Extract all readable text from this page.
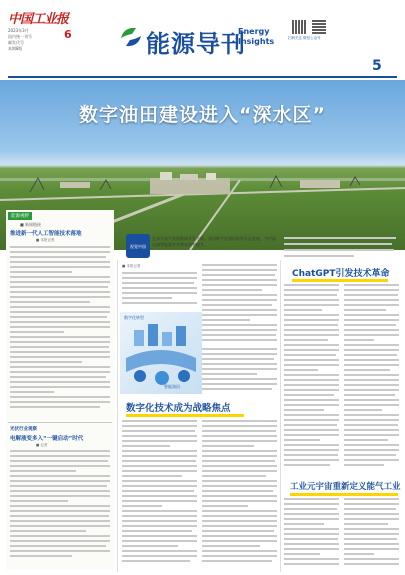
中国工业报
2023年3月
国内统一刊号
邮发代号
本期8版
6	能源导刊
Energy
Insights	扫码关注 微信公众号
5
数字油田建设进入“深水区”
视觉中国
在深井油气资源勘探开发方面，油田数字化建设取得长足进展，为中国石油等能源企业带来效率提升。
能源视野
■ 新闻链接
推进新一代人工智能技术落地
■ 本报记者
光伏行业观察
电解液变多入“一键启动”时代
■ 记者
■ 本报记者
数字化转型
智能油田
数字化技术成为战略焦点
ChatGPT引发技术革命
工业元宇宙重新定义能气工业
